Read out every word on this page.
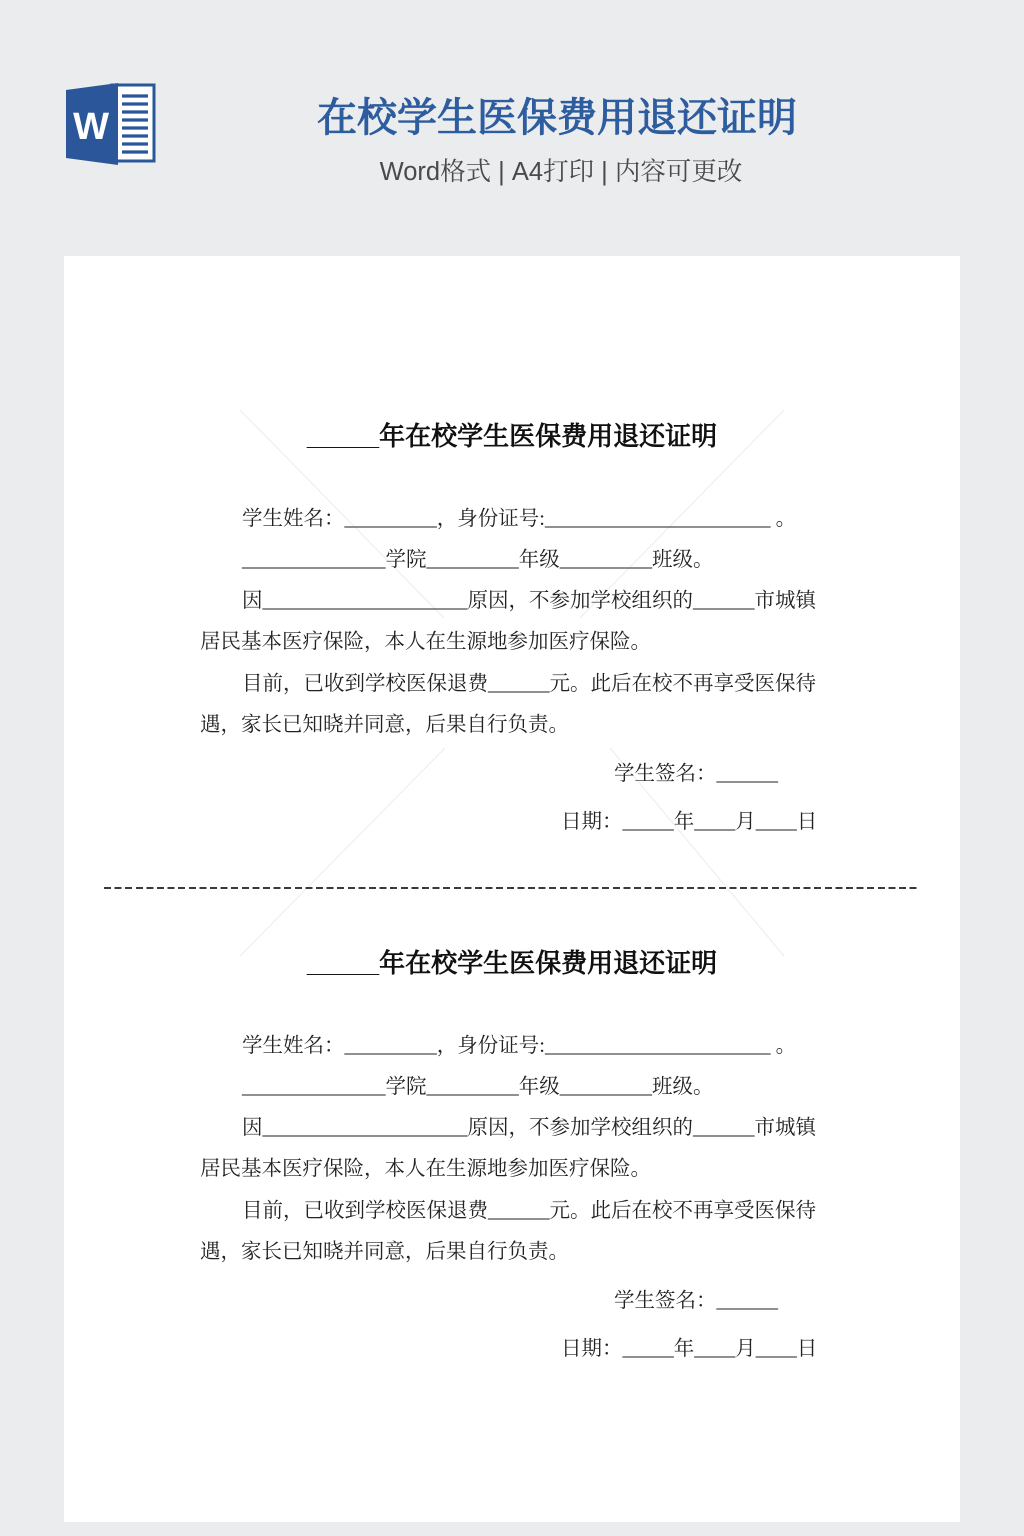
W	在校学生医保费用退还证明
Word格式 | A4打印 | 内容可更改
_____年在校学生医保费用退还证明
学生姓名：_________，身份证号:______________________ 。
______________学院_________年级_________班级。
因____________________原因，不参加学校组织的______市城镇
居民基本医疗保险，本人在生源地参加医疗保险。
目前，已收到学校医保退费______元。此后在校不再享受医保待
遇，家长已知晓并同意，后果自行负责。
学生签名：______
日期：_____年____月____日
_____年在校学生医保费用退还证明
学生姓名：_________，身份证号:______________________ 。
______________学院_________年级_________班级。
因____________________原因，不参加学校组织的______市城镇
居民基本医疗保险，本人在生源地参加医疗保险。
目前，已收到学校医保退费______元。此后在校不再享受医保待
遇，家长已知晓并同意，后果自行负责。
学生签名：______
日期：_____年____月____日
